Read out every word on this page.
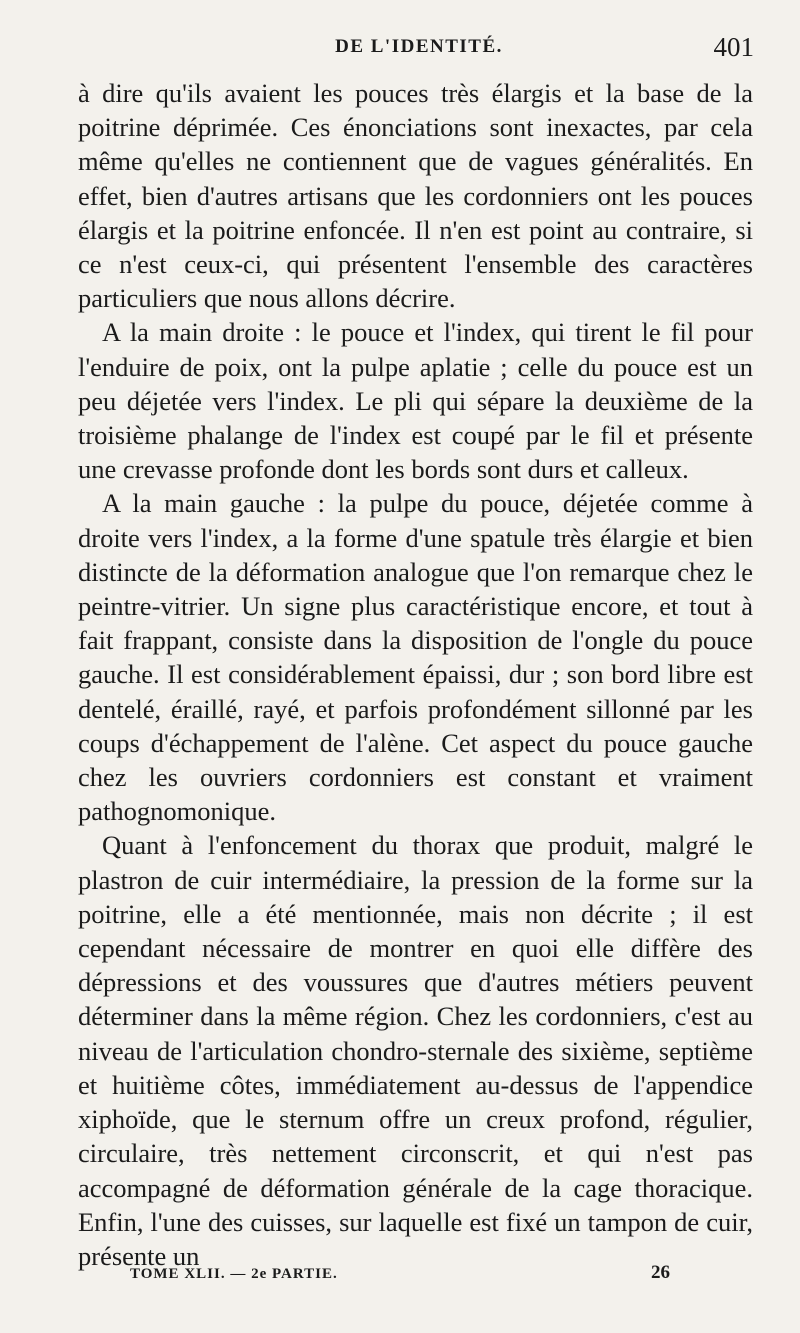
DE L'IDENTITÉ.	401

à dire qu'ils avaient les pouces très élargis et la base de la poitrine déprimée. Ces énonciations sont inexactes, par cela même qu'elles ne contiennent que de vagues généralités. En effet, bien d'autres artisans que les cordonniers ont les pouces élargis et la poitrine enfoncée. Il n'en est point au contraire, si ce n'est ceux-ci, qui présentent l'ensemble des caractères particuliers que nous allons décrire.

A la main droite : le pouce et l'index, qui tirent le fil pour l'enduire de poix, ont la pulpe aplatie ; celle du pouce est un peu déjetée vers l'index. Le pli qui sépare la deuxième de la troisième phalange de l'index est coupé par le fil et présente une crevasse profonde dont les bords sont durs et calleux.

A la main gauche : la pulpe du pouce, déjetée comme à droite vers l'index, a la forme d'une spatule très élargie et bien distincte de la déformation analogue que l'on remarque chez le peintre-vitrier. Un signe plus caractéristique encore, et tout à fait frappant, consiste dans la disposition de l'ongle du pouce gauche. Il est considérablement épaissi, dur ; son bord libre est dentelé, éraillé, rayé, et parfois profondément sillonné par les coups d'échappement de l'alène. Cet aspect du pouce gauche chez les ouvriers cordonniers est constant et vraiment pathognomonique.

Quant à l'enfoncement du thorax que produit, malgré le plastron de cuir intermédiaire, la pression de la forme sur la poitrine, elle a été mentionnée, mais non décrite ; il est cependant nécessaire de montrer en quoi elle diffère des dépressions et des voussures que d'autres métiers peuvent déterminer dans la même région. Chez les cordonniers, c'est au niveau de l'articulation chondro-sternale des sixième, septième et huitième côtes, immédiatement au-dessus de l'appendice xiphoïde, que le sternum offre un creux profond, régulier, circulaire, très nettement circonscrit, et qui n'est pas accompagné de déformation générale de la cage thoracique. Enfin, l'une des cuisses, sur laquelle est fixé un tampon de cuir, présente un

TOME XLII. — 2e PARTIE.	26
